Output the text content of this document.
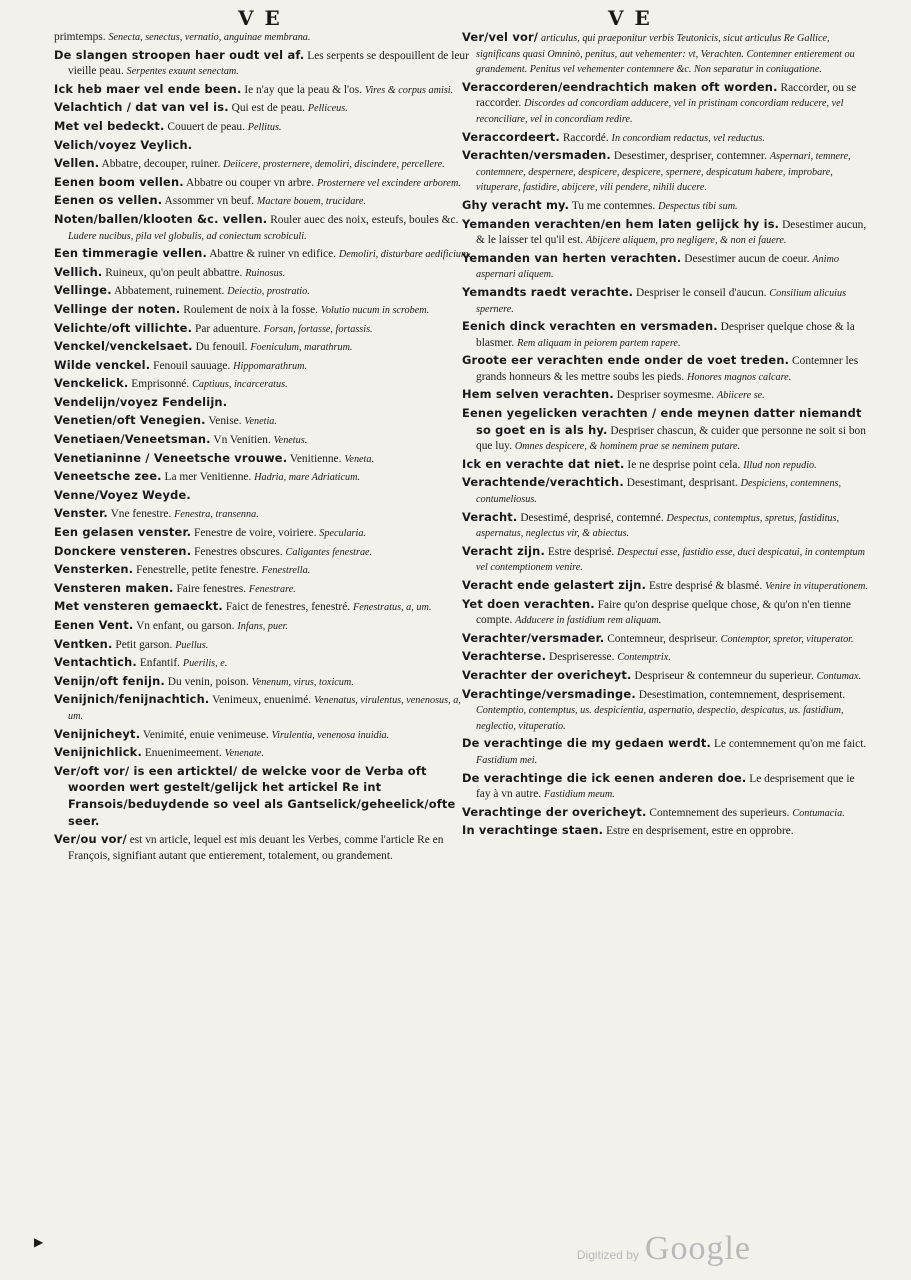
V E	V E

primtemps. Senecta, senectus, vernatio, anguinae membrana.

De slangen stroopen haer oudt vel af. Les serpents se despouillent de leur vieille peau. Serpentes exuunt senectam.

Ick heb maer vel ende been. Ie n'ay que la peau & l'os. Vires & corpus amisi.

Velachtich / dat van vel is. Qui est de peau. Pelliceus.

Met vel bedeckt. Couuert de peau. Pellitus.

Velich/voyez Veylich.

Vellen. Abbatre, decouper, ruiner. Deiicere, prosternere, demoliri, discindere, percellere.

Eenen boom vellen. Abbatre ou couper vn arbre. Prosternere vel excindere arborem.

Eenen os vellen. Assommer vn beuf. Mactare bouem, trucidare.

Noten/ballen/klooten &c. vellen. Rouler auec des noix, esteufs, boules &c. Ludere nucibus, pila vel globulis, ad coniectum scrobiculi.

Een timmeragie vellen. Abattre & ruiner vn edifice. Demoliri, disturbare aedificium.

Vellich. Ruineux, qu'on peult abbattre. Ruinosus.

Vellinge. Abbatement, ruinement. Deiectio, prostratio.

Vellinge der noten. Roulement de noix à la fosse. Volutio nucum in scrobem.

Velichte/oft villichte. Par aduenture. Forsan, fortasse, fortassis.

Venckel/venckelsaet. Du fenouil. Foeniculum, marathrum.

Wilde venckel. Fenouil sauuage. Hippomarathrum.

Venckelick. Emprisonné. Captiuus, incarceratus.

Vendelijn/voyez Fendelijn.

Venetien/oft Venegien. Venise. Venetia.

Venetiaen/Veneetsman. Vn Venitien. Venetus.

Venetianinne / Veneetsche vrouwe. Venitienne. Veneta.

Veneetsche zee. La mer Venitienne. Hadria, mare Adriaticum.

Venne/Voyez Weyde.

Venster. Vne fenestre. Fenestra, transenna.

Een gelasen venster. Fenestre de voire, voiriere. Specularia.

Donckere vensteren. Fenestres obscures. Caligantes fenestrae.

Vensterken. Fenestrelle, petite fenestre. Fenestrella.

Vensteren maken. Faire fenestres. Fenestrare.

Met vensteren gemaeckt. Faict de fenestres, fenestré. Fenestratus, a, um.

Eenen Vent. Vn enfant, ou garson. Infans, puer.

Ventken. Petit garson. Puellus.

Ventachtich. Enfantif. Puerilis, e.

Venijn/oft fenijn. Du venin, poison. Venenum, virus, toxicum.

Venijnich/fenijnachtich. Venimeux, enuenimé. Venenatus, virulentus, venenosus, a, um.

Venijnicheyt. Venimité, enuie venimeuse. Virulentia, venenosa inuidia.

Venijnichlick. Enuenimeement. Venenate.

Ver/oft vor/ is een articktel/ de welcke voor de Verba oft woorden wert gestelt/gelijck het artickel Re int Fransois/beduydende so veel als Gantselick/geheelick/ofte seer.

Ver/ou vor/ est vn article, lequel est mis deuant les Verbes, comme l'article Re en François, signifiant autant que entierement, totalement, ou grandement.

Ver/vel vor/ articulus, qui praeponitur verbis Teutonicis, sicut articulus Re Gallice, significans quasi Omninò, penitus, aut vehementer: vt, Verachten. Contemner entierement ou grandement. Penitus vel vehementer contemnere &c. Non separatur in coniugatione.

Veraccorderen/eendrachtich maken oft worden. Raccorder, ou se raccorder. Discordes ad concordiam adducere, vel in pristinam concordiam reducere, vel reconciliare, vel in concordiam redire.

Veraccordeert. Raccordé. In concordiam redactus, vel reductus.

Verachten/versmaden. Desestimer, despriser, contemner. Aspernari, temnere, contemnere, despernere, despicere, despicere, spernere, despicatum habere, improbare, vituperare, fastidire, abijcere, vili pendere, nihili ducere.

Ghy veracht my. Tu me contemnes. Despectus tibi sum.

Yemanden verachten/en hem laten gelijck hy is. Desestimer aucun, & le laisser tel qu'il est. Abijcere aliquem, pro negligere, & non ei fauere.

Yemanden van herten verachten. Desestimer aucun de coeur. Animo aspernari aliquem.

Yemandts raedt verachte. Despriser le conseil d'aucun. Consilium alicuius spernere.

Eenich dinck verachten en versmaden. Despriser quelque chose & la blasmer. Rem aliquam in peiorem partem rapere.

Groote eer verachten ende onder de voet treden. Contemner les grands honneurs & les mettre soubs les pieds. Honores magnos calcare.

Hem selven verachten. Despriser soymesme. Abiicere se.

Eenen yegelicken verachten / ende meynen datter niemandt so goet en is als hy. Despriser chascun, & cuider que personne ne soit si bon que luy. Omnes despicere, & hominem prae se neminem putare.

Ick en verachte dat niet. Ie ne desprise point cela. Illud non repudio.

Verachtende/verachtich. Desestimant, desprisant. Despiciens, contemnens, contumeliosus.

Veracht. Desestimé, desprisé, contemné. Despectus, contemptus, spretus, fastiditus, aspernatus, neglectus vir, & abiectus.

Veracht zijn. Estre desprisé. Despectui esse, fastidio esse, duci despicatui, in contemptum vel contemptionem venire.

Veracht ende gelastert zijn. Estre desprisé & blasmé. Venire in vituperationem.

Yet doen verachten. Faire qu'on desprise quelque chose, & qu'on n'en tienne compte. Adducere in fastidium rem aliquam.

Verachter/versmader. Contemneur, despriseur. Contemptor, spretor, vituperator.

Verachterse. Despriseresse. Contemptrix.

Verachter der overicheyt. Despriseur & contemneur du superieur. Contumax.

Verachtinge/versmadinge. Desestimation, contemnement, desprisement. Contemptio, contemptus, us. despicientia, aspernatio, despectio, despicatus, us. fastidium, neglectio, vituperatio.

De verachtinge die my gedaen werdt. Le contemnement qu'on me faict. Fastidium mei.

De verachtinge die ick eenen anderen doe. Le desprisement que ie fay à vn autre. Fastidium meum.

Verachtinge der overicheyt. Contemnement des superieurs. Contumacia.

In verachtinge staen. Estre en desprisement, estre en opprobre.

▶
Digitized by Google
